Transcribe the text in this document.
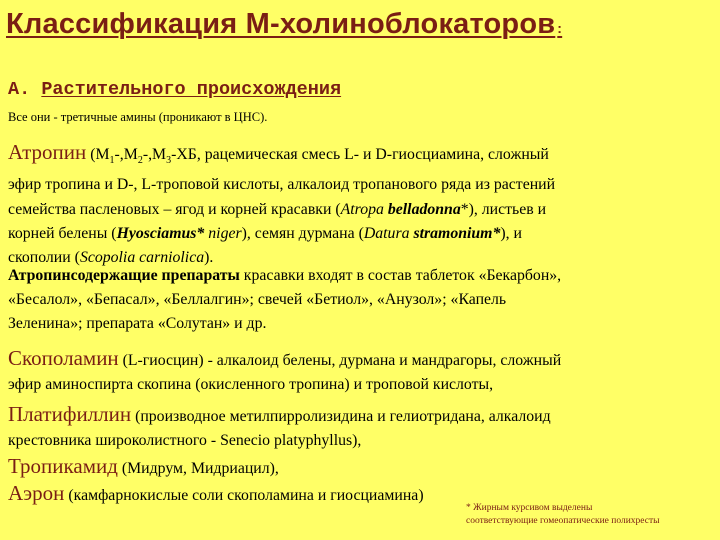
Классификация М-холиноблокаторов :
А. Растительного происхождения
Все они - третичные амины (проникают в ЦНС).
Атропин ($М_1-,М_2-,М_3-ХБ$, рацемическая смесь L- и D-гиосциамина, сложный
эфир тропина и D-, L-троповой кислоты, алкалоид тропанового ряда из растений
семейства пасленовых – ягод и корней красавки (Atropa belladonna*), листьев и
корней белены (Hyosciamus* niger), семян дурмана (Datura stramonium*), и
скополии (Scopolia carniolica).
Атропинсодержащие препараты красавки входят в состав таблеток «Бекарбон»,
«Бесалол», «Бепасал», «Беллалгин»; свечей «Бетиол», «Анузол»; «Капель
Зеленина»; препарата «Солутан» и др.
Скополамин (L-гиосцин) - алкалоид белены, дурмана и мандрагоры, сложный
эфир аминоспирта скопина (окисленного тропина) и троповой кислоты,
Платифиллин (производное метилпирролизидина и гелиотридана, алкалоид
крестовника широколистного - Senecio platyphyllus),
Тропикамид (Мидрум, Мидриацил),
Аэрон (камфарнокислые соли скополамина и гиосциамина)
* Жирным курсивом выделены
соответствующие гомеопатические полихресты
